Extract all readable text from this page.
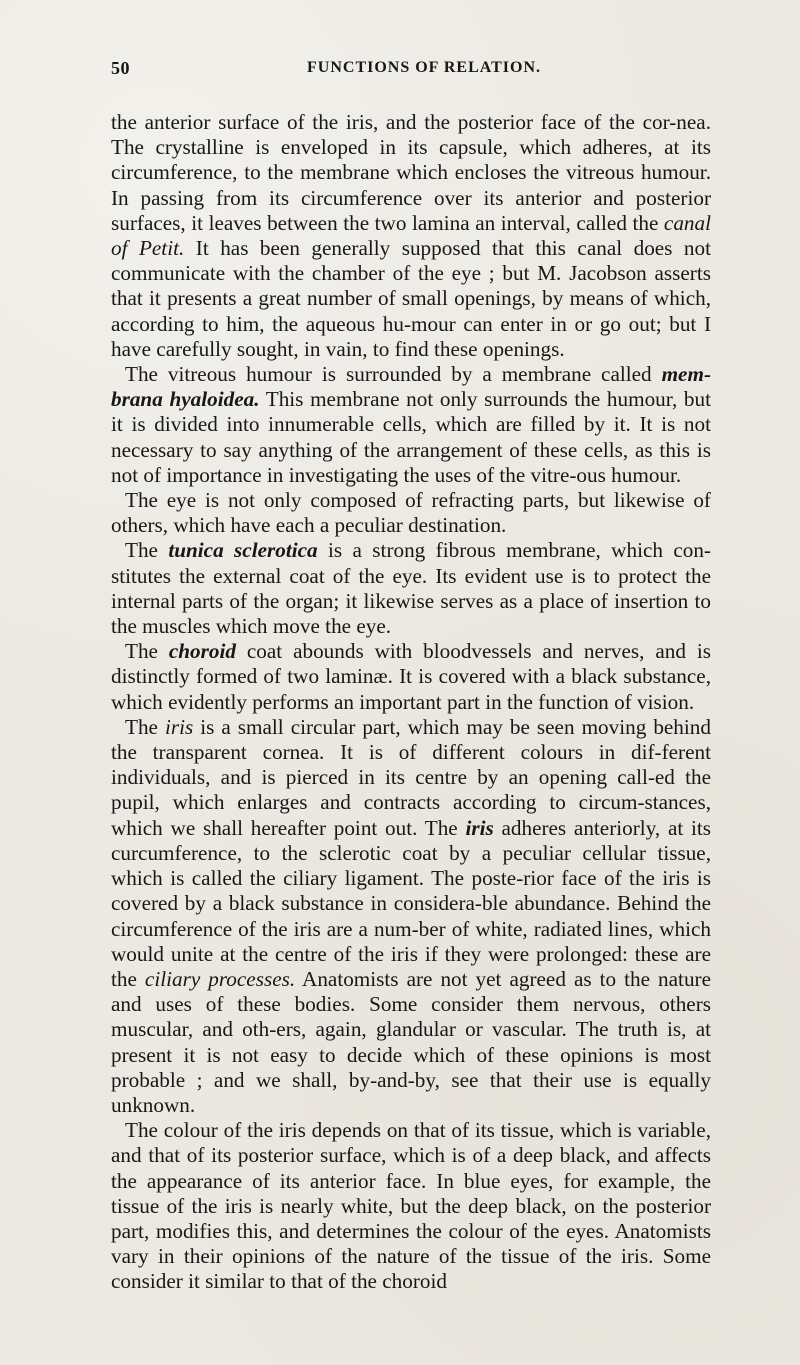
50	FUNCTIONS OF RELATION.

the anterior surface of the iris, and the posterior face of the cor-nea. The crystalline is enveloped in its capsule, which adheres, at its circumference, to the membrane which encloses the vitreous humour. In passing from its circumference over its anterior and posterior surfaces, it leaves between the two lamina an interval, called the canal of Petit. It has been generally supposed that this canal does not communicate with the chamber of the eye ; but M. Jacobson asserts that it presents a great number of small openings, by means of which, according to him, the aqueous hu-mour can enter in or go out; but I have carefully sought, in vain, to find these openings.

The vitreous humour is surrounded by a membrane called mem-brana hyaloidea. This membrane not only surrounds the humour, but it is divided into innumerable cells, which are filled by it. It is not necessary to say anything of the arrangement of these cells, as this is not of importance in investigating the uses of the vitre-ous humour.

The eye is not only composed of refracting parts, but likewise of others, which have each a peculiar destination.

The tunica sclerotica is a strong fibrous membrane, which con-stitutes the external coat of the eye. Its evident use is to protect the internal parts of the organ; it likewise serves as a place of insertion to the muscles which move the eye.

The choroid coat abounds with bloodvessels and nerves, and is distinctly formed of two laminæ. It is covered with a black substance, which evidently performs an important part in the function of vision.

The iris is a small circular part, which may be seen moving behind the transparent cornea. It is of different colours in dif-ferent individuals, and is pierced in its centre by an opening call-ed the pupil, which enlarges and contracts according to circum-stances, which we shall hereafter point out. The iris adheres anteriorly, at its curcumference, to the sclerotic coat by a peculiar cellular tissue, which is called the ciliary ligament. The poste-rior face of the iris is covered by a black substance in considera-ble abundance. Behind the circumference of the iris are a num-ber of white, radiated lines, which would unite at the centre of the iris if they were prolonged: these are the ciliary processes. Anatomists are not yet agreed as to the nature and uses of these bodies. Some consider them nervous, others muscular, and oth-ers, again, glandular or vascular. The truth is, at present it is not easy to decide which of these opinions is most probable ; and we shall, by-and-by, see that their use is equally unknown.

The colour of the iris depends on that of its tissue, which is variable, and that of its posterior surface, which is of a deep black, and affects the appearance of its anterior face. In blue eyes, for example, the tissue of the iris is nearly white, but the deep black, on the posterior part, modifies this, and determines the colour of the eyes. Anatomists vary in their opinions of the nature of the tissue of the iris. Some consider it similar to that of the choroid
